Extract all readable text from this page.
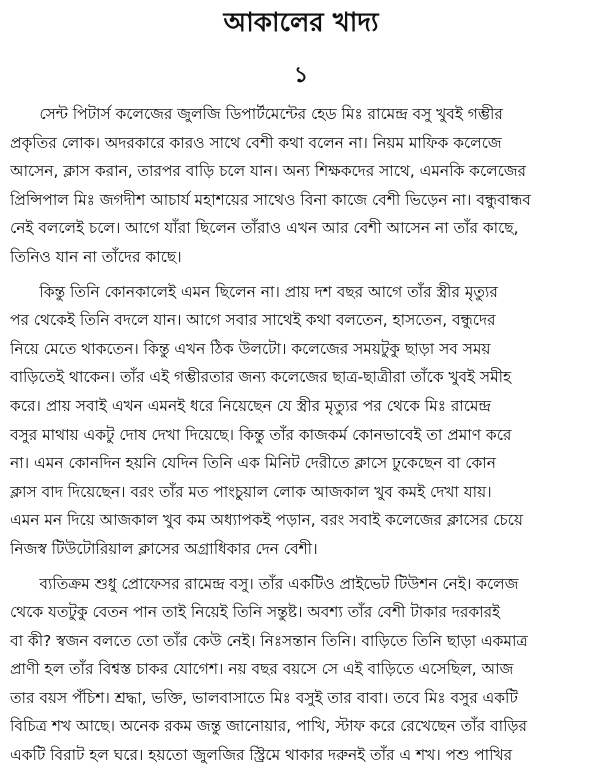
আকালের খাদ্য
১
সেন্ট পিটার্স কলেজের জুলজি ডিপার্টমেন্টের হেড মিঃ রামেন্দ্র বসু খুবই গম্ভীর
প্রকৃতির লোক। অদরকারে কারও সাথে বেশী কথা বলেন না। নিয়ম মাফিক কলেজে
আসেন, ক্লাস করান, তারপর বাড়ি চলে যান। অন্য শিক্ষকদের সাথে, এমনকি কলেজের
প্রিন্সিপাল মিঃ জগদীশ আচার্য মহাশয়ের সাথেও বিনা কাজে বেশী ভিড়েন না। বন্ধুবান্ধব
নেই বললেই চলে। আগে যাঁরা ছিলেন তাঁরাও এখন আর বেশী আসেন না তাঁর কাছে,
তিনিও যান না তাঁদের কাছে।
কিন্তু তিনি কোনকালেই এমন ছিলেন না। প্রায় দশ বছর আগে তাঁর স্ত্রীর মৃত্যুর
পর থেকেই তিনি বদলে যান। আগে সবার সাথেই কথা বলতেন, হাসতেন, বন্ধুদের
নিয়ে মেতে থাকতেন। কিন্তু এখন ঠিক উলটো। কলেজের সময়টুকু ছাড়া সব সময়
বাড়িতেই থাকেন। তাঁর এই গম্ভীরতার জন্য কলেজের ছাত্র-ছাত্রীরা তাঁকে খুবই সমীহ
করে। প্রায় সবাই এখন এমনই ধরে নিয়েছেন যে স্ত্রীর মৃত্যুর পর থেকে মিঃ রামেন্দ্র
বসুর মাথায় একটু দোষ দেখা দিয়েছে। কিন্তু তাঁর কাজকর্ম কোনভাবেই তা প্রমাণ করে
না। এমন কোনদিন হয়নি যেদিন তিনি এক মিনিট দেরীতে ক্লাসে ঢুকেছেন বা কোন
ক্লাস বাদ দিয়েছেন। বরং তাঁর মত পাংচুয়াল লোক আজকাল খুব কমই দেখা যায়।
এমন মন দিয়ে আজকাল খুব কম অধ্যাপকই পড়ান, বরং সবাই কলেজের ক্লাসের চেয়ে
নিজস্ব টিউটোরিয়াল ক্লাসের অগ্রাধিকার দেন বেশী।
ব্যতিক্রম শুধু প্রোফেসর রামেন্দ্র বসু। তাঁর একটিও প্রাইভেট টিউশন নেই। কলেজ
থেকে যতটুকু বেতন পান তাই নিয়েই তিনি সন্তুষ্ট। অবশ্য তাঁর বেশী টাকার দরকারই
বা কী? স্বজন বলতে তো তাঁর কেউ নেই। নিঃসন্তান তিনি। বাড়িতে তিনি ছাড়া একমাত্র
প্রাণী হল তাঁর বিশ্বস্ত চাকর যোগেশ। নয় বছর বয়সে সে এই বাড়িতে এসেছিল, আজ
তার বয়স পঁচিশ। শ্রদ্ধা, ভক্তি, ভালবাসাতে মিঃ বসুই তার বাবা। তবে মিঃ বসুর একটি
বিচিত্র শখ আছে। অনেক রকম জন্তু জানোয়ার, পাখি, স্টাফ করে রেখেছেন তাঁর বাড়ির
একটি বিরাট হল ঘরে। হয়তো জুলজির স্ট্রিমে থাকার দরুনই তাঁর এ শখ। পশু পাখির
